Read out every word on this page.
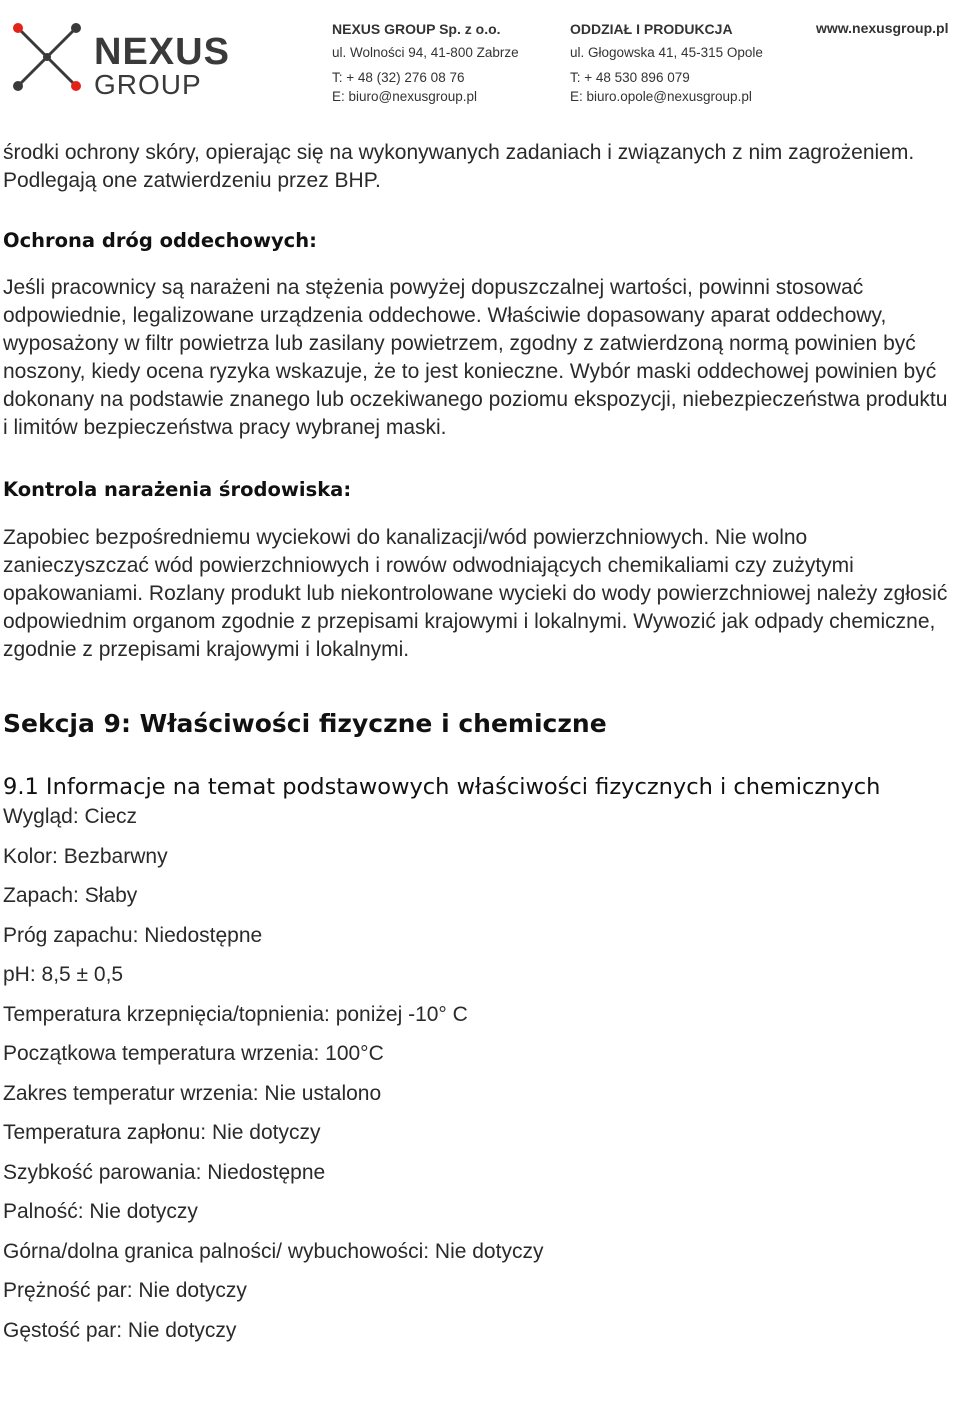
NEXUS
GROUP
NEXUS GROUP Sp. z o.o.
ul. Wolności 94, 41-800 Zabrze
T: + 48 (32) 276 08 76
E: biuro@nexusgroup.pl
ODDZIAŁ I PRODUKCJA
ul. Głogowska 41, 45-315 Opole
T: + 48 530 896 079
E: biuro.opole@nexusgroup.pl
www.nexusgroup.pl

środki ochrony skóry, opierając się na wykonywanych zadaniach i związanych z nim zagrożeniem. Podlegają one zatwierdzeniu przez BHP.

Ochrona dróg oddechowych:

Jeśli pracownicy są narażeni na stężenia powyżej dopuszczalnej wartości, powinni stosować odpowiednie, legalizowane urządzenia oddechowe. Właściwie dopasowany aparat oddechowy, wyposażony w filtr powietrza lub zasilany powietrzem, zgodny z zatwierdzoną normą powinien być noszony, kiedy ocena ryzyka wskazuje, że to jest konieczne. Wybór maski oddechowej powinien być dokonany na podstawie znanego lub oczekiwanego poziomu ekspozycji, niebezpieczeństwa produktu i limitów bezpieczeństwa pracy wybranej maski.

Kontrola narażenia środowiska:

Zapobiec bezpośredniemu wyciekowi do kanalizacji/wód powierzchniowych. Nie wolno zanieczyszczać wód powierzchniowych i rowów odwodniających chemikaliami czy zużytymi opakowaniami. Rozlany produkt lub niekontrolowane wycieki do wody powierzchniowej należy zgłosić odpowiednim organom zgodnie z przepisami krajowymi i lokalnymi. Wywozić jak odpady chemiczne, zgodnie z przepisami krajowymi i lokalnymi.

Sekcja 9: Właściwości fizyczne i chemiczne

9.1 Informacje na temat podstawowych właściwości fizycznych i chemicznych

Wygląd: Ciecz

Kolor: Bezbarwny

Zapach: Słaby

Próg zapachu: Niedostępne

pH: 8,5 ± 0,5

Temperatura krzepnięcia/topnienia: poniżej -10° C

Początkowa temperatura wrzenia: 100°C

Zakres temperatur wrzenia: Nie ustalono

Temperatura zapłonu: Nie dotyczy

Szybkość parowania: Niedostępne

Palność: Nie dotyczy

Górna/dolna granica palności/ wybuchowości: Nie dotyczy

Prężność par: Nie dotyczy

Gęstość par: Nie dotyczy
